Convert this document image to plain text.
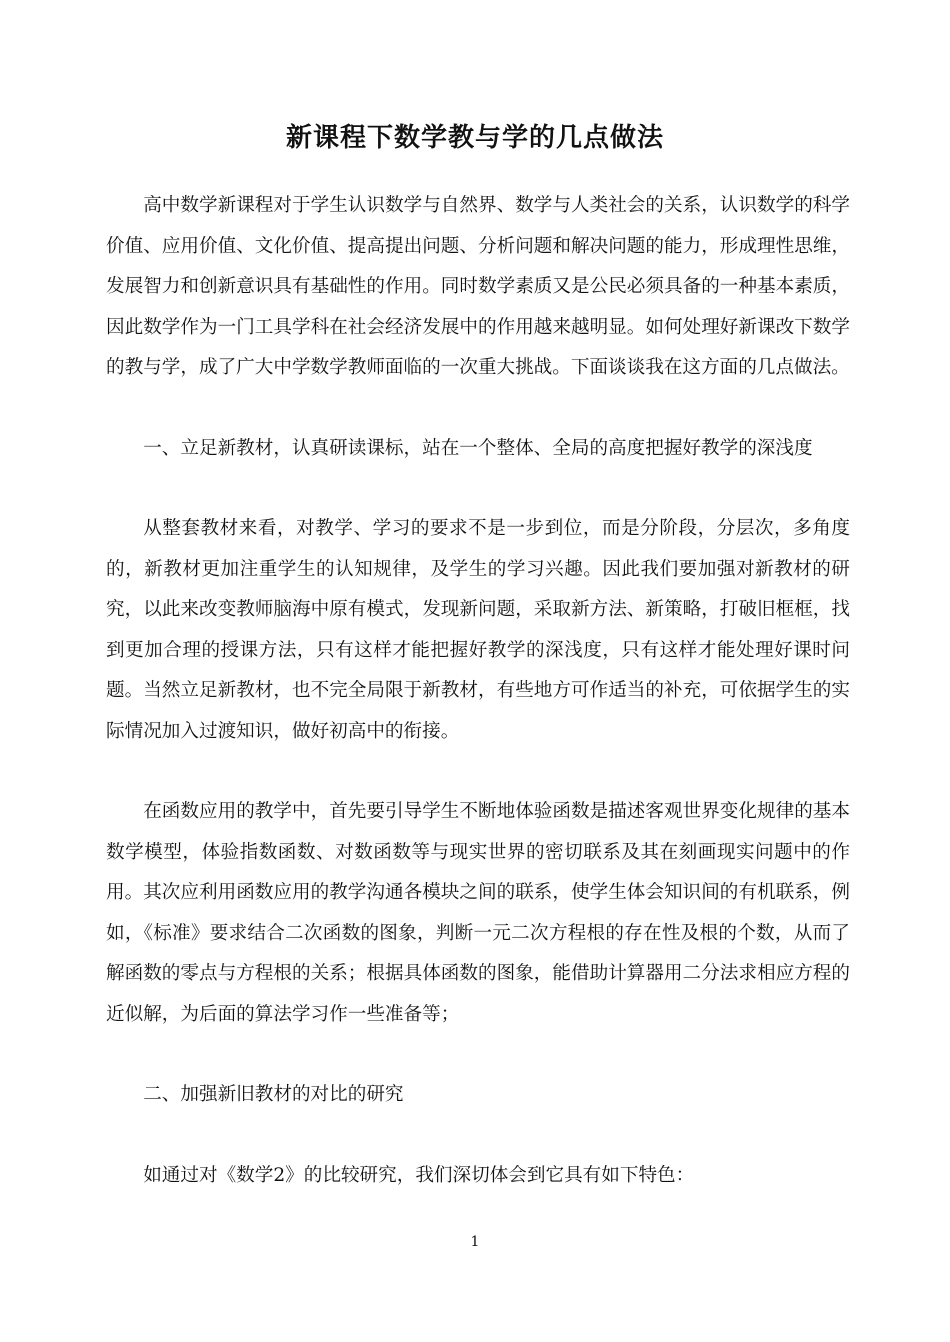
新课程下数学教与学的几点做法

高中数学新课程对于学生认识数学与自然界、数学与人类社会的关系，认识数学的科学价值、应用价值、文化价值、提高提出问题、分析问题和解决问题的能力，形成理性思维，发展智力和创新意识具有基础性的作用。同时数学素质又是公民必须具备的一种基本素质，因此数学作为一门工具学科在社会经济发展中的作用越来越明显。如何处理好新课改下数学的教与学，成了广大中学数学教师面临的一次重大挑战。下面谈谈我在这方面的几点做法。

一、立足新教材，认真研读课标，站在一个整体、全局的高度把握好教学的深浅度

从整套教材来看，对教学、学习的要求不是一步到位，而是分阶段，分层次，多角度的，新教材更加注重学生的认知规律，及学生的学习兴趣。因此我们要加强对新教材的研究，以此来改变教师脑海中原有模式，发现新问题，采取新方法、新策略，打破旧框框，找到更加合理的授课方法，只有这样才能把握好教学的深浅度，只有这样才能处理好课时问题。当然立足新教材，也不完全局限于新教材，有些地方可作适当的补充，可依据学生的实际情况加入过渡知识，做好初高中的衔接。

在函数应用的教学中，首先要引导学生不断地体验函数是描述客观世界变化规律的基本数学模型，体验指数函数、对数函数等与现实世界的密切联系及其在刻画现实问题中的作用。其次应利用函数应用的教学沟通各模块之间的联系，使学生体会知识间的有机联系，例如，《标准》要求结合二次函数的图象，判断一元二次方程根的存在性及根的个数，从而了解函数的零点与方程根的关系；根据具体函数的图象，能借助计算器用二分法求相应方程的近似解，为后面的算法学习作一些准备等；

二、加强新旧教材的对比的研究

如通过对《数学2》的比较研究，我们深切体会到它具有如下特色：

1
